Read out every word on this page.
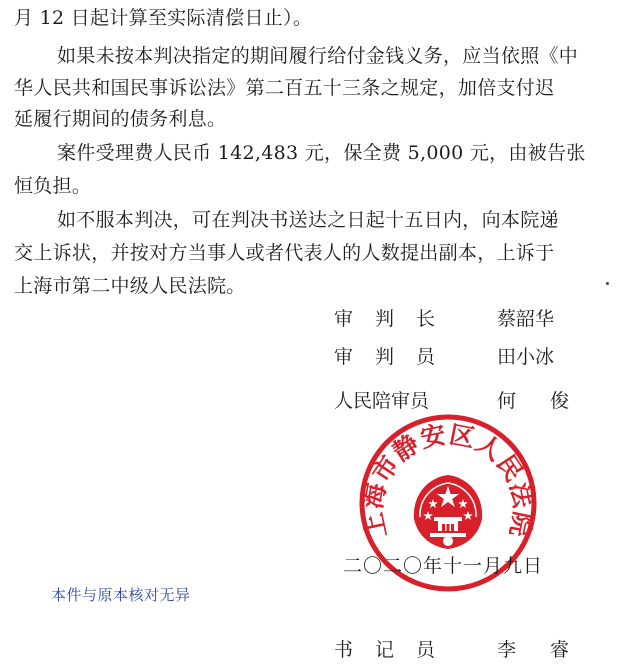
月 12 日起计算至实际清偿日止）。
如果未按本判决指定的期间履行给付金钱义务，应当依照《中
华人民共和国民事诉讼法》第二百五十三条之规定，加倍支付迟
延履行期间的债务利息。
案件受理费人民币 142,483 元，保全费 5,000 元，由被告张
恒负担。
如不服本判决，可在判决书送达之日起十五日内，向本院递
交上诉状，并按对方当事人或者代表人的人数提出副本，上诉于
上海市第二中级人民法院。
审判长 蔡韶华
审判员 田小冰
人民陪审员	何 俊
上海市静安区人民法院
二〇二〇年十一月九日
本件与原本核对无异
书记员 李 睿
